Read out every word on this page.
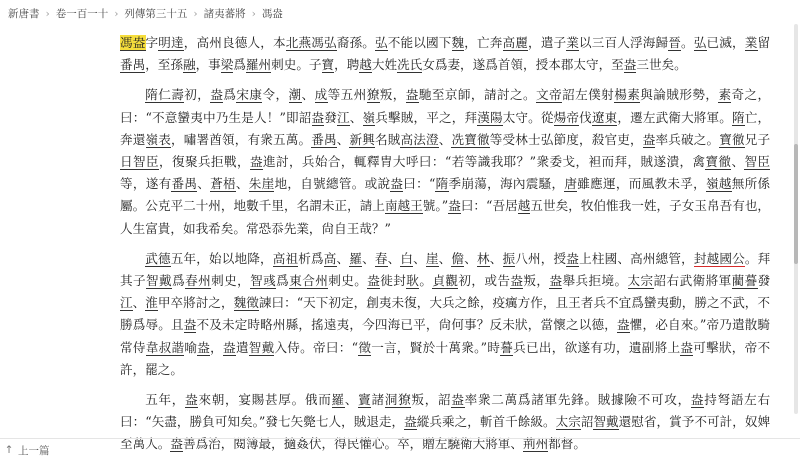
新唐書 › 卷一百一十 › 列傳第三十五 › 諸夷蕃將 › 馮盎

馮盎字明達，高州良德人，本北燕馮弘裔孫。弘不能以國下魏，亡奔高麗，遣子業以三百人浮海歸晉。弘已滅，業留番禺，至孫融，事梁爲羅州刺史。子寶，聘越大姓冼氏女爲妻，遂爲首領，授本郡太守，至盎三世矣。

隋仁壽初，盎爲宋康令，潮、成等五州獠叛，盎馳至京師，請討之。文帝詔左僕射楊素與論賊形勢，素奇之，曰：“不意蠻夷中乃生是人！”即詔盎發江、嶺兵擊賊，平之，拜漢陽太守。從煬帝伐遼東，遷左武衛大將軍。隋亡，奔還嶺表，嘯署酋領，有衆五萬。番禺、新興名賊高法澄、冼寶徹等受林士弘節度，殺官吏，盎率兵破之。寶徹兄子日智臣，復聚兵拒戰，盎進討，兵始合，輒釋胄大呼曰：“若等識我耶？”衆委戈，袒而拜，賊遂潰，禽寶徹、智臣等，遂有番禺、蒼梧、朱崖地，自號總管。或說盎曰：“隋季崩蕩，海內震騷，唐雖應運，而風教未孚，嶺越無所係屬。公克平二十州，地數千里，名謂未正，請上南越王號。”盎曰：“吾居越五世矣，牧伯惟我一姓，子女玉帛吾有也，人生富貴，如我希矣。常恐忝先業，尙自王哉？”

武德五年，始以地降，高祖析爲高、羅、春、白、崖、儋、林、振八州，授盎上柱國、高州總管，封越國公。拜其子智戴爲春州刺史，智彧爲東合州刺史。盎徙封耿。貞觀初，或告盎叛，盎舉兵拒境。太宗詔右武衛將軍藺謩發江、淮甲卒將討之，魏徵諫曰：“天下初定，創夷未復，大兵之餘，疫癘方作，且王者兵不宜爲蠻夷動，勝之不武，不勝爲辱。且盎不及未定時略州縣，搖遠夷，今四海已平，尙何事？反未狀，當懷之以德，盎懼，必自來。”帝乃遣散騎常侍韋叔諧喻盎，盎遣智戴入侍。帝曰：“徵一言，賢於十萬衆。”時謩兵已出，欲遂有功，遺副將上盎可擊狀，帝不許，罷之。

五年，盎來朝，宴賜甚厚。俄而羅、竇諸洞獠叛，詔盎率衆二萬爲諸軍先鋒。賊據險不可攻，盎持弩語左右曰：“矢盡，勝負可知矣。”發七矢斃七人，賊退走，盎縱兵乘之，斬首千餘級。太宗詔智戴還慰省，賞予不可計，奴婢至萬人。盎善爲治，閱簿最，擿姦伏，得民懽心。卒，贈左驍衛大將軍、荊州都督。

↑ 上一篇
